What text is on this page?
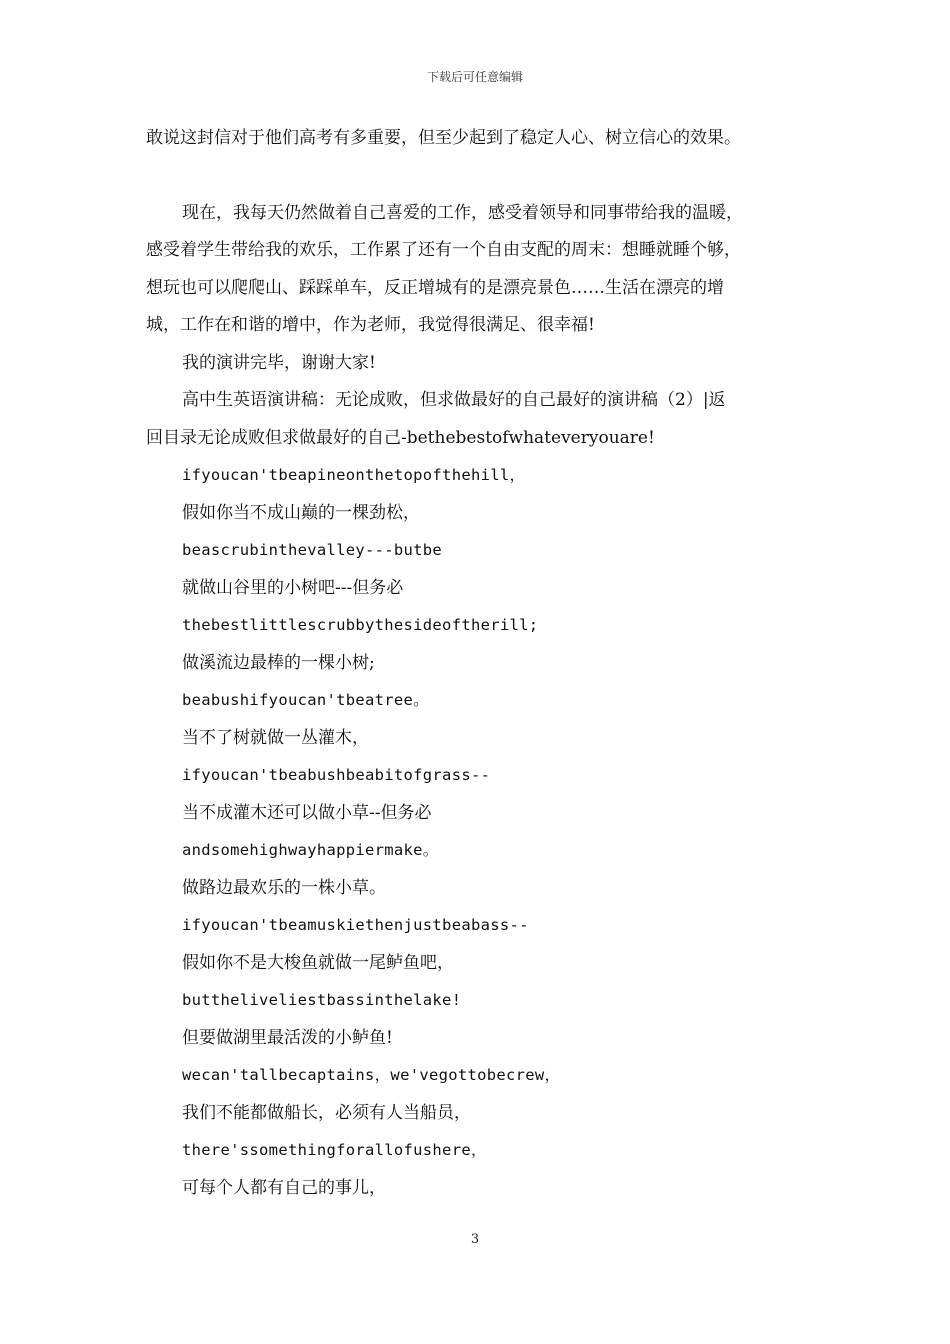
下载后可任意编辑
敢说这封信对于他们高考有多重要，但至少起到了稳定人心、树立信心的效果。
现在，我每天仍然做着自己喜爱的工作，感受着领导和同事带给我的温暖，
感受着学生带给我的欢乐，工作累了还有一个自由支配的周末：想睡就睡个够，
想玩也可以爬爬山、踩踩单车，反正增城有的是漂亮景色……生活在漂亮的增
城，工作在和谐的增中，作为老师，我觉得很满足、很幸福!
我的演讲完毕，谢谢大家!
高中生英语演讲稿：无论成败，但求做最好的自己最好的演讲稿（2）|返
回目录无论成败但求做最好的自己-bethebestofwhateveryouare!
ifyoucan'tbeapineonthetopofthehill，
假如你当不成山巅的一棵劲松，
beascrubinthevalley---butbe
就做山谷里的小树吧---但务必
thebestlittlescrubbythesideoftherill;
做溪流边最棒的一棵小树;
beabushifyoucan'tbeatree。
当不了树就做一丛灌木，
ifyoucan'tbeabushbeabitofgrass--
当不成灌木还可以做小草--但务必
andsomehighwayhappiermake。
做路边最欢乐的一株小草。
ifyoucan'tbeamuskiethenjustbeabass--
假如你不是大梭鱼就做一尾鲈鱼吧，
buttheliveliestbassinthelake!
但要做湖里最活泼的小鲈鱼!
wecan'tallbecaptains，we'vegottobecrew，
我们不能都做船长，必须有人当船员，
there'ssomethingforallofushere，
可每个人都有自己的事儿，
3
